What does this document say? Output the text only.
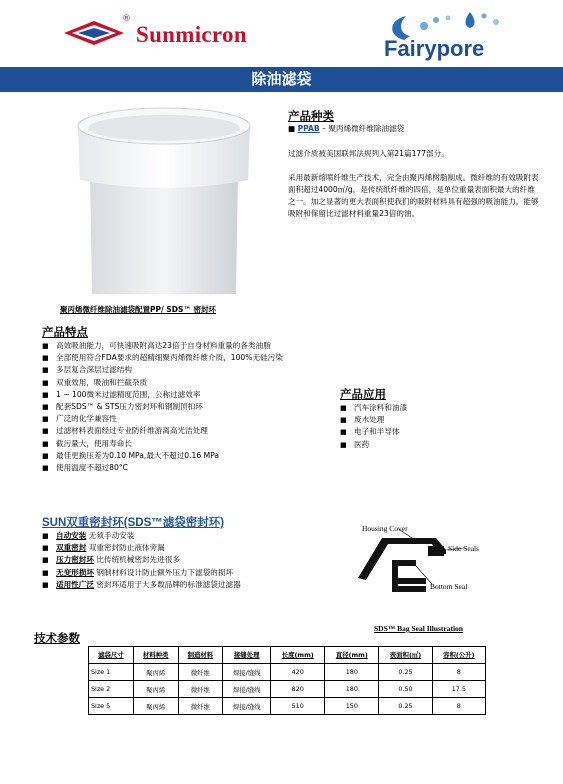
®
Sunmicron
Fairypore
除油滤袋
聚丙烯微纤维除油滤袋配置PP/ SDS™ 密封环
产品种类
■ PPAB – 聚丙烯微纤维除油滤袋
过滤介质被美国联邦法规列入第21篇177部分。
采用最新熔喷纤维生产技术，完全由聚丙烯树脂制成。微纤维的有效吸附表面积超过4000㎡/g，是传统纸纤维的四倍，是单位重量表面积最大的纤维之一。加之显著的更大表面积使我们的吸附材料具有超强的吸油能力，能够吸附和保留比过滤材料重量23倍的油。
产品特点
■ 高效吸油能力，可快速吸附高达23倍于自身材料重量的各类油脂
■ 全部使用符合FDA要求的超精细聚丙烯微纤维介质，100%无硅污染
■ 多层复合深层过滤结构
■ 双重效用，吸油和拦截杂质
■ 1 ~ 100微米过滤精度范围，公称过滤效率
■ 配套SDS™ & STS压力密封环和钢制顶扣环
■ 广泛的化学兼容性
■ 过滤材料表面经过专业防纤维游离高光洁处理
■ 截污量大，使用寿命长
■ 最佳更换压差为0.10 MPa,最大不超过0.16 MPa
■ 使用温度不超过80°C
产品应用
■ 汽车涂料和油漆
■ 废水处理
■ 电子和半导体
■ 医药
SUN双重密封环(SDS™滤袋密封环)
■ 自动安装 无须手动安装
■ 双重密封 双重密封防止液体旁漏
■ 压力密封环 比传统机械密封先进很多
■ 无变形损坏 钢制材料设计防止额外压力下滤袋的损坏
■ 适用性广泛 密封环适用于大多数品牌的标准滤袋过滤器
Housing Cover
Side Seals
Bottom Seal
SDS™ Bag Seal Illustration
技术参数
滤袋尺寸	材料种类	制造材料	接缝处理	长度(mm)	直径(mm)	表面积(㎡)	容积(公升)
Size 1	聚丙烯	微纤维	焊接/缝线	420	180	0.25	8
Size 2	聚丙烯	微纤维	焊接/缝线	820	180	0.50	17.5
Size 5	聚丙烯	微纤维	焊接/缝线	510	150	0.25	8
